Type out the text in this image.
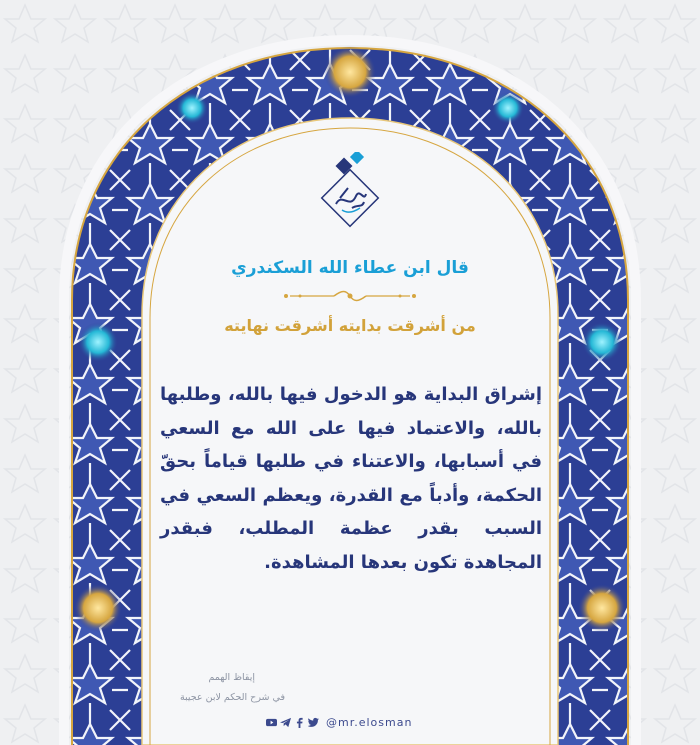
قال ابن عطاء الله السكندري
من أشرقت بدايته أشرقت نهايته
إشراق البداية هو الدخول فيها بالله، وطلبها بالله، والاعتماد فيها على الله مع السعي في أسبابها، والاعتناء في طلبها قياماً بحقّ الحكمة، وأدباً مع القدرة، ويعظم السعي في السبب بقدر عظمة المطلب، فبقدر المجاهدة تكون بعدها المشاهدة.
إيقاظ الهمم
في شرح الحكم لابن عجيبة
@mr.elosman
